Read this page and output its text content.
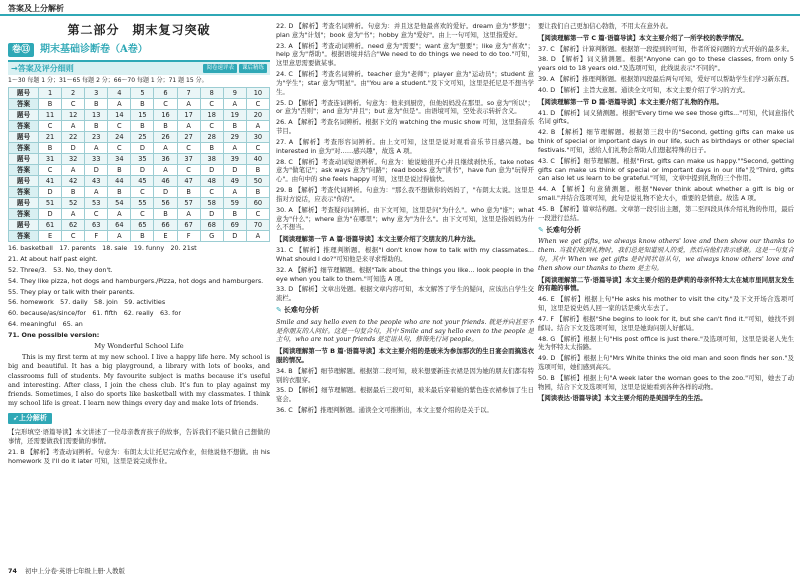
答案及上分解析
第二部分　期末复习突破
卷⑬	期末基础诊断卷（A卷）
→答案及评分细则	阅卷速评表	课后精练
1～30 每题 1 分；31～65 每题 2 分；66～70 每题 1 分；71 题 15 分。
题号	1	2	3	4	5	6	7	8	9	10
答案	B	C	B	A	B	C	A	C	A	C
题号	11	12	13	14	15	16	17	18	19	20
答案	C	A	B	C	B	B	A	C	B	A
题号	21	22	23	24	25	26	27	28	29	30
答案	B	D	A	C	D	A	C	B	A	C
题号	31	32	33	34	35	36	37	38	39	40
答案	C	A	D	B	D	A	C	D	D	B
题号	41	42	43	44	45	46	47	48	49	50
答案	D	B	A	B	C	D	B	C	A	B
题号	51	52	53	54	55	56	57	58	59	60
答案	D	A	C	A	C	B	A	D	B	C
题号	61	62	63	64	65	66	67	68	69	70
答案	E	C	F	A	B	E	F	G	D	A
16. basketball　17. parents　18. sale　19. funny　20. 21st
21. At about half past eight.
52. Three/3.　53. No, they don't.
54. They like pizza, hot dogs and hamburgers./Pizza, hot dogs and hamburgers.
55. They play or talk with their parents.
56. homework　57. daily　58. join　59. activities
60. because/as/since/for　61. fifth　62. really　63. for
64. meaningful　65. an
71. One possible version:
My Wonderful School Life
This is my first term at my new school. I live a happy life here. My school is big and beautiful. It has a big playground, a library with lots of books, and classrooms full of students. My favourite subject is maths because it's useful and interesting. After class, I join the chess club. It's fun to play against my friends. Sometimes, I also do sports like basketball with my classmates. I think my school life is great. I learn new things every day and make lots of friends.
➹上分解析
【完形填空·语篇导读】本文讲述了一位母亲教育孩子的故事，告诉我们不能只做自己想做的事情，还需要做我们需要做的事情。
21. B 【解析】考查动词辨析。句意为：布朗太太让托尼完成作业，但他说他不想做。由 his homework 及 I'll do it later 可知，这里是说完成作业。
22. D 【解析】考查名词辨析。句意为：并且这是他最喜欢的爱好。dream 意为"梦想"；plan 意为"计划"；book 意为"书"；hobby 意为"爱好"。由上一句可知，这里指爱好。
23. A 【解析】考查动词辨析。need 意为"需要"；want 意为"想要"；like 意为"喜欢"；help 意为"帮助"。根据语境并结合"We need to do things we need to do too."可知，这里意思需要做某事。
24. C 【解析】考查名词辨析。teacher 意为"老师"；player 意为"运动员"；student 意为"学生"；star 意为"明星"。由"You are a student."及下文可知，这里是托尼是不想当学生。
25. D 【解析】考查连词辨析。句意为：他来到厨房，但他妈妈没在那里。so 意为"所以"；or 意为"否则"；and 意为"并且"；but 意为"但是"。由语境可知，空处表示转折含义。
26. A 【解析】考查名词辨析。根据下文的 watching the music show 可知，这里指音乐节目。
27. A 【解析】考查形容词辨析。由上文可知，这里是说对观看音乐节目感兴趣。be interested in 意为"对……感兴趣"，故选 A 项。
28. C 【解析】考查动词短语辨析。句意为：她说她很开心并且继续剥快乐。take notes 意为"做笔记"；ask ways 意为"问路"；read books 意为"读书"，have fun 意为"玩得开心"。由句中的 she feels happy 可知，这里是说过得愉快。
29. B 【解析】考查代词辨析。句意为："那么我不想做你的妈妈了，"布朗太太说。这里是指对方说话，应表示"你的"。
30. A 【解析】考查疑问词辨析。由下文可知，这里是问"为什么"。who 意为"谁"；what 意为"什么"；where 意为"在哪里"；why 意为"为什么"。由下文可知，这里是指妈妈为什么不想当。
【阅读理解第一节 A 篇·语篇导读】本文主要介绍了交朋友的几种方法。
31. C 【解析】推理判断题。根据"I don't know how to talk with my classmates... What should I do?"可知他是来寻求帮助的。
32. A 【解析】细节理解题。根据"Talk about the things you like... look people in the eye when you talk to them."可知选 A 项。
33. D 【解析】文章出处题。根据文章内容可知，本文解答了学生的疑问，应该出自学生交流栏。
✎ 长难句分析
Smile and say hello even to the people who are not your friends. 就是并向甚至不是你朋友的人问好。这是一句复合句，其中 Smile and say hello even to the people 是主句，who are not your friends 是定语从句，修饰先行词 people。
【阅读理解第一节 B 篇·语篇导读】本文主要介绍的是玻米为参加那次的生日宴会而搞选衣服的情况。
34. B 【解析】细节理解题。根据第二段可知，玻米想要新连衣裙是因为她的朋友们都有特别的衣服穿。
35. D 【解析】细节理解题。根据最后三段可知，玻米最后穿着她的紫色连衣裙参加了生日宴会。
36. C 【解析】推理判断题。通读全文可推断出，本文主要介绍的是关于以。
要让我们自己更加信心勃勃，不用太在意外表。
【阅读理解第一节 C 篇·语篇导读】本文主要介绍了一所学校的教学情况。
37. C 【解析】计算判断题。根据第一段提到的可知，作者所说问题的方式开始的最多来。
38. D 【解析】词义猜测题。根据"Anyone can go to these classes, from only 5 years old to 18 years old."及选项可知，此线说表示"不同的"。
39. A 【解析】推理判断题。根据第四段最后两句可知，爱好可以帮助学生们学习新东西。
40. D 【解析】主旨大意题。通读全文可知，本文主要介绍了学习的方式。
【阅读理解第一节 D 篇·语篇导读】本文主要介绍了礼物的作用。
41. D 【解析】词义猜测题。根据"Every time we see those gifts..."可知，代词意指代名词 gifts。
42. B 【解析】细节理解题。根据第三段中的"Second, getting gifts can make us think of special or important days in our life, such as birthdays or other special festivals."可知，送给人们礼物会帮助人们想起特殊的日子。
43. C 【解析】细节理解题。根据"First, gifts can make us happy.""Second, getting gifts can make us think of special or important days in our life"及"Third, gifts can also let us learn to be grateful."可知，文章中提到礼物的三个作用。
44. A 【解析】句意猜测题。根据"Never think about whether a gift is big or small."并结合选项可知，此句是说礼物不论大小，重要的是情意。故选 A 项。
45. B 【解析】篇章结构题。文章第一段引出主题，第二至四段具体介绍礼物的作用，最后一段进行总结。
✎ 长难句分析
When we get gifts, we always know others' love and then show our thanks to them. 当我们收到礼物时，我们总是知道别人的爱，然后向他们表示感谢。这是一句复合句，其中 When we get gifts 是时间状语从句，we always know others' love and then show our thanks to them 是主句。
【阅读理解第二节·语篇导读】本文主要介绍的是萨莉的母亲怀特太太在城市里同朋友发生的有趣的事情。
46. E 【解析】根据上句"He asks his mother to visit the city."及下文开场合选项可知，这里是说史妈人回一家的话是乘火车去了。
47. F 【解析】根据"She begins to look for it, but she can't find it."可知，她找不到邮局。结合下文及选项可知，这里是她询问别人好邮局。
48. G 【解析】根据上句"His post office is just there."及选项可知，这里是说老人先生先为怀特太太指路。
49. D 【解析】根据上句"Mrs White thinks the old man and soon finds her son."及选项可知，她们感到高兴。
50. B 【解析】根据上句"A week later the woman goes to the zoo."可知，她去了动物园，结合下文及选项可知，这里是说她看到各种各样的动物。
【阅读表达·语篇导读】本文主要介绍的是美国学生的生活。
74 初中上分卷·英语七年级上册·人教版
